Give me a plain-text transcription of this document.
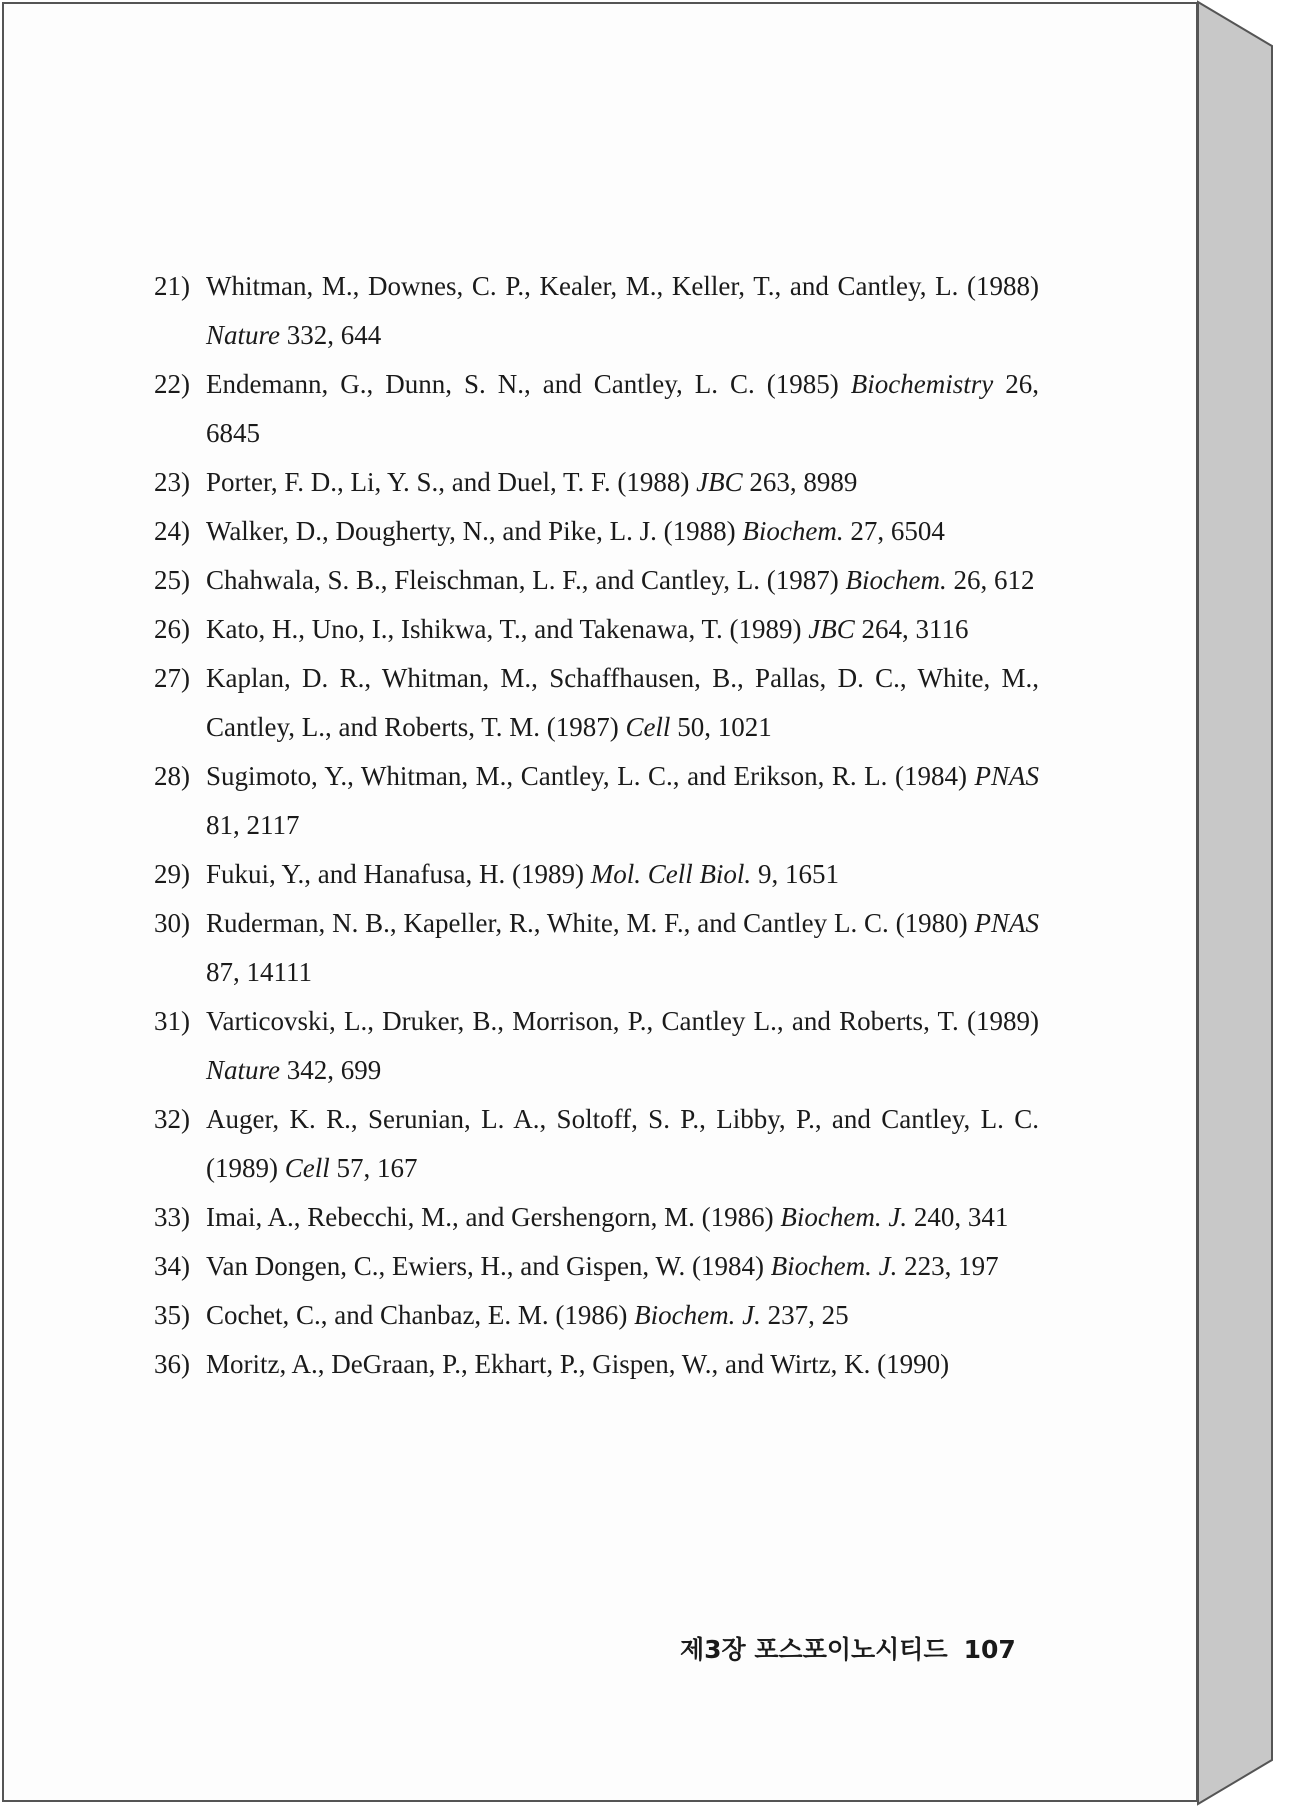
21) Whitman, M., Downes, C. P., Kealer, M., Keller, T., and Cantley, L. (1988) Nature 332, 644
22) Endemann, G., Dunn, S. N., and Cantley, L. C. (1985) Biochemistry 26, 6845
23) Porter, F. D., Li, Y. S., and Duel, T. F. (1988) JBC 263, 8989
24) Walker, D., Dougherty, N., and Pike, L. J. (1988) Biochem. 27, 6504
25) Chahwala, S. B., Fleischman, L. F., and Cantley, L. (1987) Biochem. 26, 612
26) Kato, H., Uno, I., Ishikwa, T., and Takenawa, T. (1989) JBC 264, 3116
27) Kaplan, D. R., Whitman, M., Schaffhausen, B., Pallas, D. C., White, M., Cantley, L., and Roberts, T. M. (1987) Cell 50, 1021
28) Sugimoto, Y., Whitman, M., Cantley, L. C., and Erikson, R. L. (1984) PNAS 81, 2117
29) Fukui, Y., and Hanafusa, H. (1989) Mol. Cell Biol. 9, 1651
30) Ruderman, N. B., Kapeller, R., White, M. F., and Cantley L. C. (1980) PNAS 87, 14111
31) Varticovski, L., Druker, B., Morrison, P., Cantley L., and Roberts, T. (1989) Nature 342, 699
32) Auger, K. R., Serunian, L. A., Soltoff, S. P., Libby, P., and Cantley, L. C. (1989) Cell 57, 167
33) Imai, A., Rebecchi, M., and Gershengorn, M. (1986) Biochem. J. 240, 341
34) Van Dongen, C., Ewiers, H., and Gispen, W. (1984) Biochem. J. 223, 197
35) Cochet, C., and Chanbaz, E. M. (1986) Biochem. J. 237, 25
36) Moritz, A., DeGraan, P., Ekhart, P., Gispen, W., and Wirtz, K. (1990)
제3장 포스포이노시티드 107
